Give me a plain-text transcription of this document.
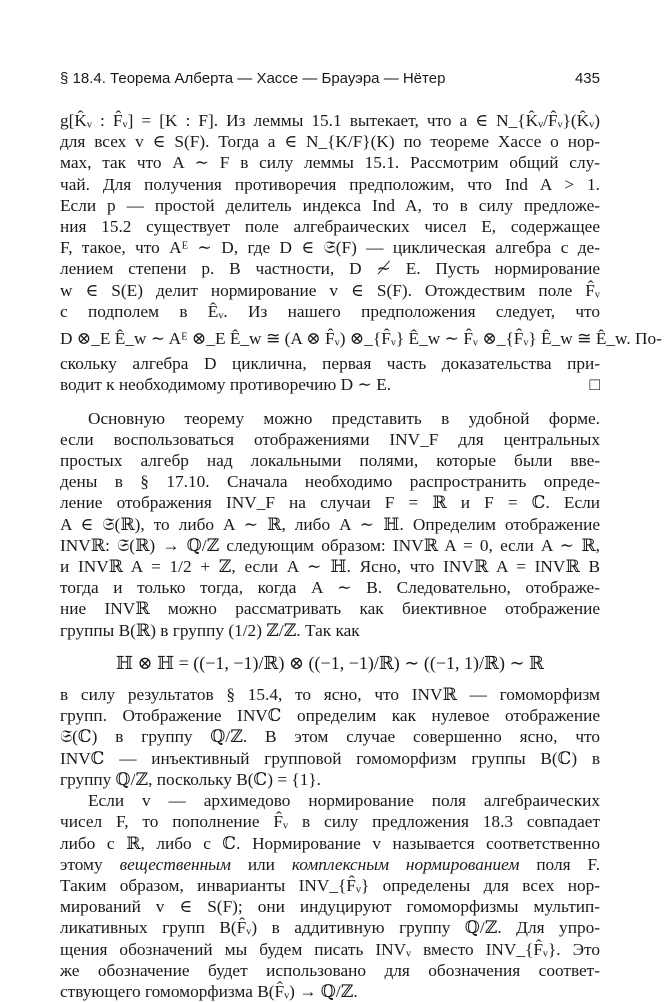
§ 18.4. Теорема Алберта — Хассе — Брауэра — Нётер	435

g[K̂ᵥ : F̂ᵥ] = [K : F]. Из леммы 15.1 вытекает, что a ∈ N_{K̂ᵥ/F̂ᵥ}(K̂ᵥ)

для всех v ∈ S(F). Тогда a ∈ N_{K/F}(K) по теореме Хассе о нор-

мах, так что A ∼ F в силу леммы 15.1. Рассмотрим общий слу-

чай. Для получения противоречия предположим, что Ind A > 1.

Если p — простой делитель индекса Ind A, то в силу предложе-

ния 15.2 существует поле алгебраических чисел E, содержащее

F, такое, что Aᴱ ∼ D, где D ∈ 𝔖(F) — циклическая алгебра с де-

лением степени p. В частности, D ≁ E. Пусть нормирование

w ∈ S(E) делит нормирование v ∈ S(F). Отождествим поле F̂ᵥ

с подполем в Êᵥ. Из нашего предположения следует, что

D ⊗_E Ê_w ∼ Aᴱ ⊗_E Ê_w ≅ (A ⊗ F̂ᵥ) ⊗_{F̂ᵥ} Ê_w ∼ F̂ᵥ ⊗_{F̂ᵥ} Ê_w ≅ Ê_w. По-

скольку алгебра D циклична, первая часть доказательства при-

водит к необходимому противоречию D ∼ E.	□

Основную теорему можно представить в удобной форме.

если воспользоваться отображениями INV_F для центральных

простых алгебр над локальными полями, которые были вве-

дены в § 17.10. Сначала необходимо распространить опреде-

ление отображения INV_F на случаи F = ℝ и F = ℂ. Если

A ∈ 𝔖(ℝ), то либо A ∼ ℝ, либо A ∼ ℍ. Определим отображение

INVℝ: 𝔖(ℝ) → ℚ/ℤ следующим образом: INVℝ A = 0, если A ∼ ℝ,

и INVℝ A = 1/2 + ℤ, если A ∼ ℍ. Ясно, что INVℝ A = INVℝ B

тогда и только тогда, когда A ∼ B. Следовательно, отображе-

ние INVℝ можно рассматривать как биективное отображение

группы B(ℝ) в группу (1/2) ℤ/ℤ. Так как

ℍ ⊗ ℍ = ((−1, −1)/ℝ) ⊗ ((−1, −1)/ℝ) ∼ ((−1, 1)/ℝ) ∼ ℝ

в силу результатов § 15.4, то ясно, что INVℝ — гомоморфизм

групп. Отображение INVℂ определим как нулевое отображение

𝔖(ℂ) в группу ℚ/ℤ. В этом случае совершенно ясно, что

INVℂ — инъективный групповой гомоморфизм группы B(ℂ) в

группу ℚ/ℤ, поскольку B(ℂ) = {1}.

Если v — архимедово нормирование поля алгебраических

чисел F, то пополнение F̂ᵥ в силу предложения 18.3 совпадает

либо с ℝ, либо с ℂ. Нормирование v называется соответственно

этому вещественным или комплексным нормированием поля F.

Таким образом, инварианты INV_{F̂ᵥ} определены для всех нор-

мирований v ∈ S(F); они индуцируют гомоморфизмы мультип-

ликативных групп B(F̂ᵥ) в аддитивную группу ℚ/ℤ. Для упро-

щения обозначений мы будем писать INVᵥ вместо INV_{F̂ᵥ}. Это

же обозначение будет использовано для обозначения соответ-

ствующего гомоморфизма B(F̂ᵥ) → ℚ/ℤ.
